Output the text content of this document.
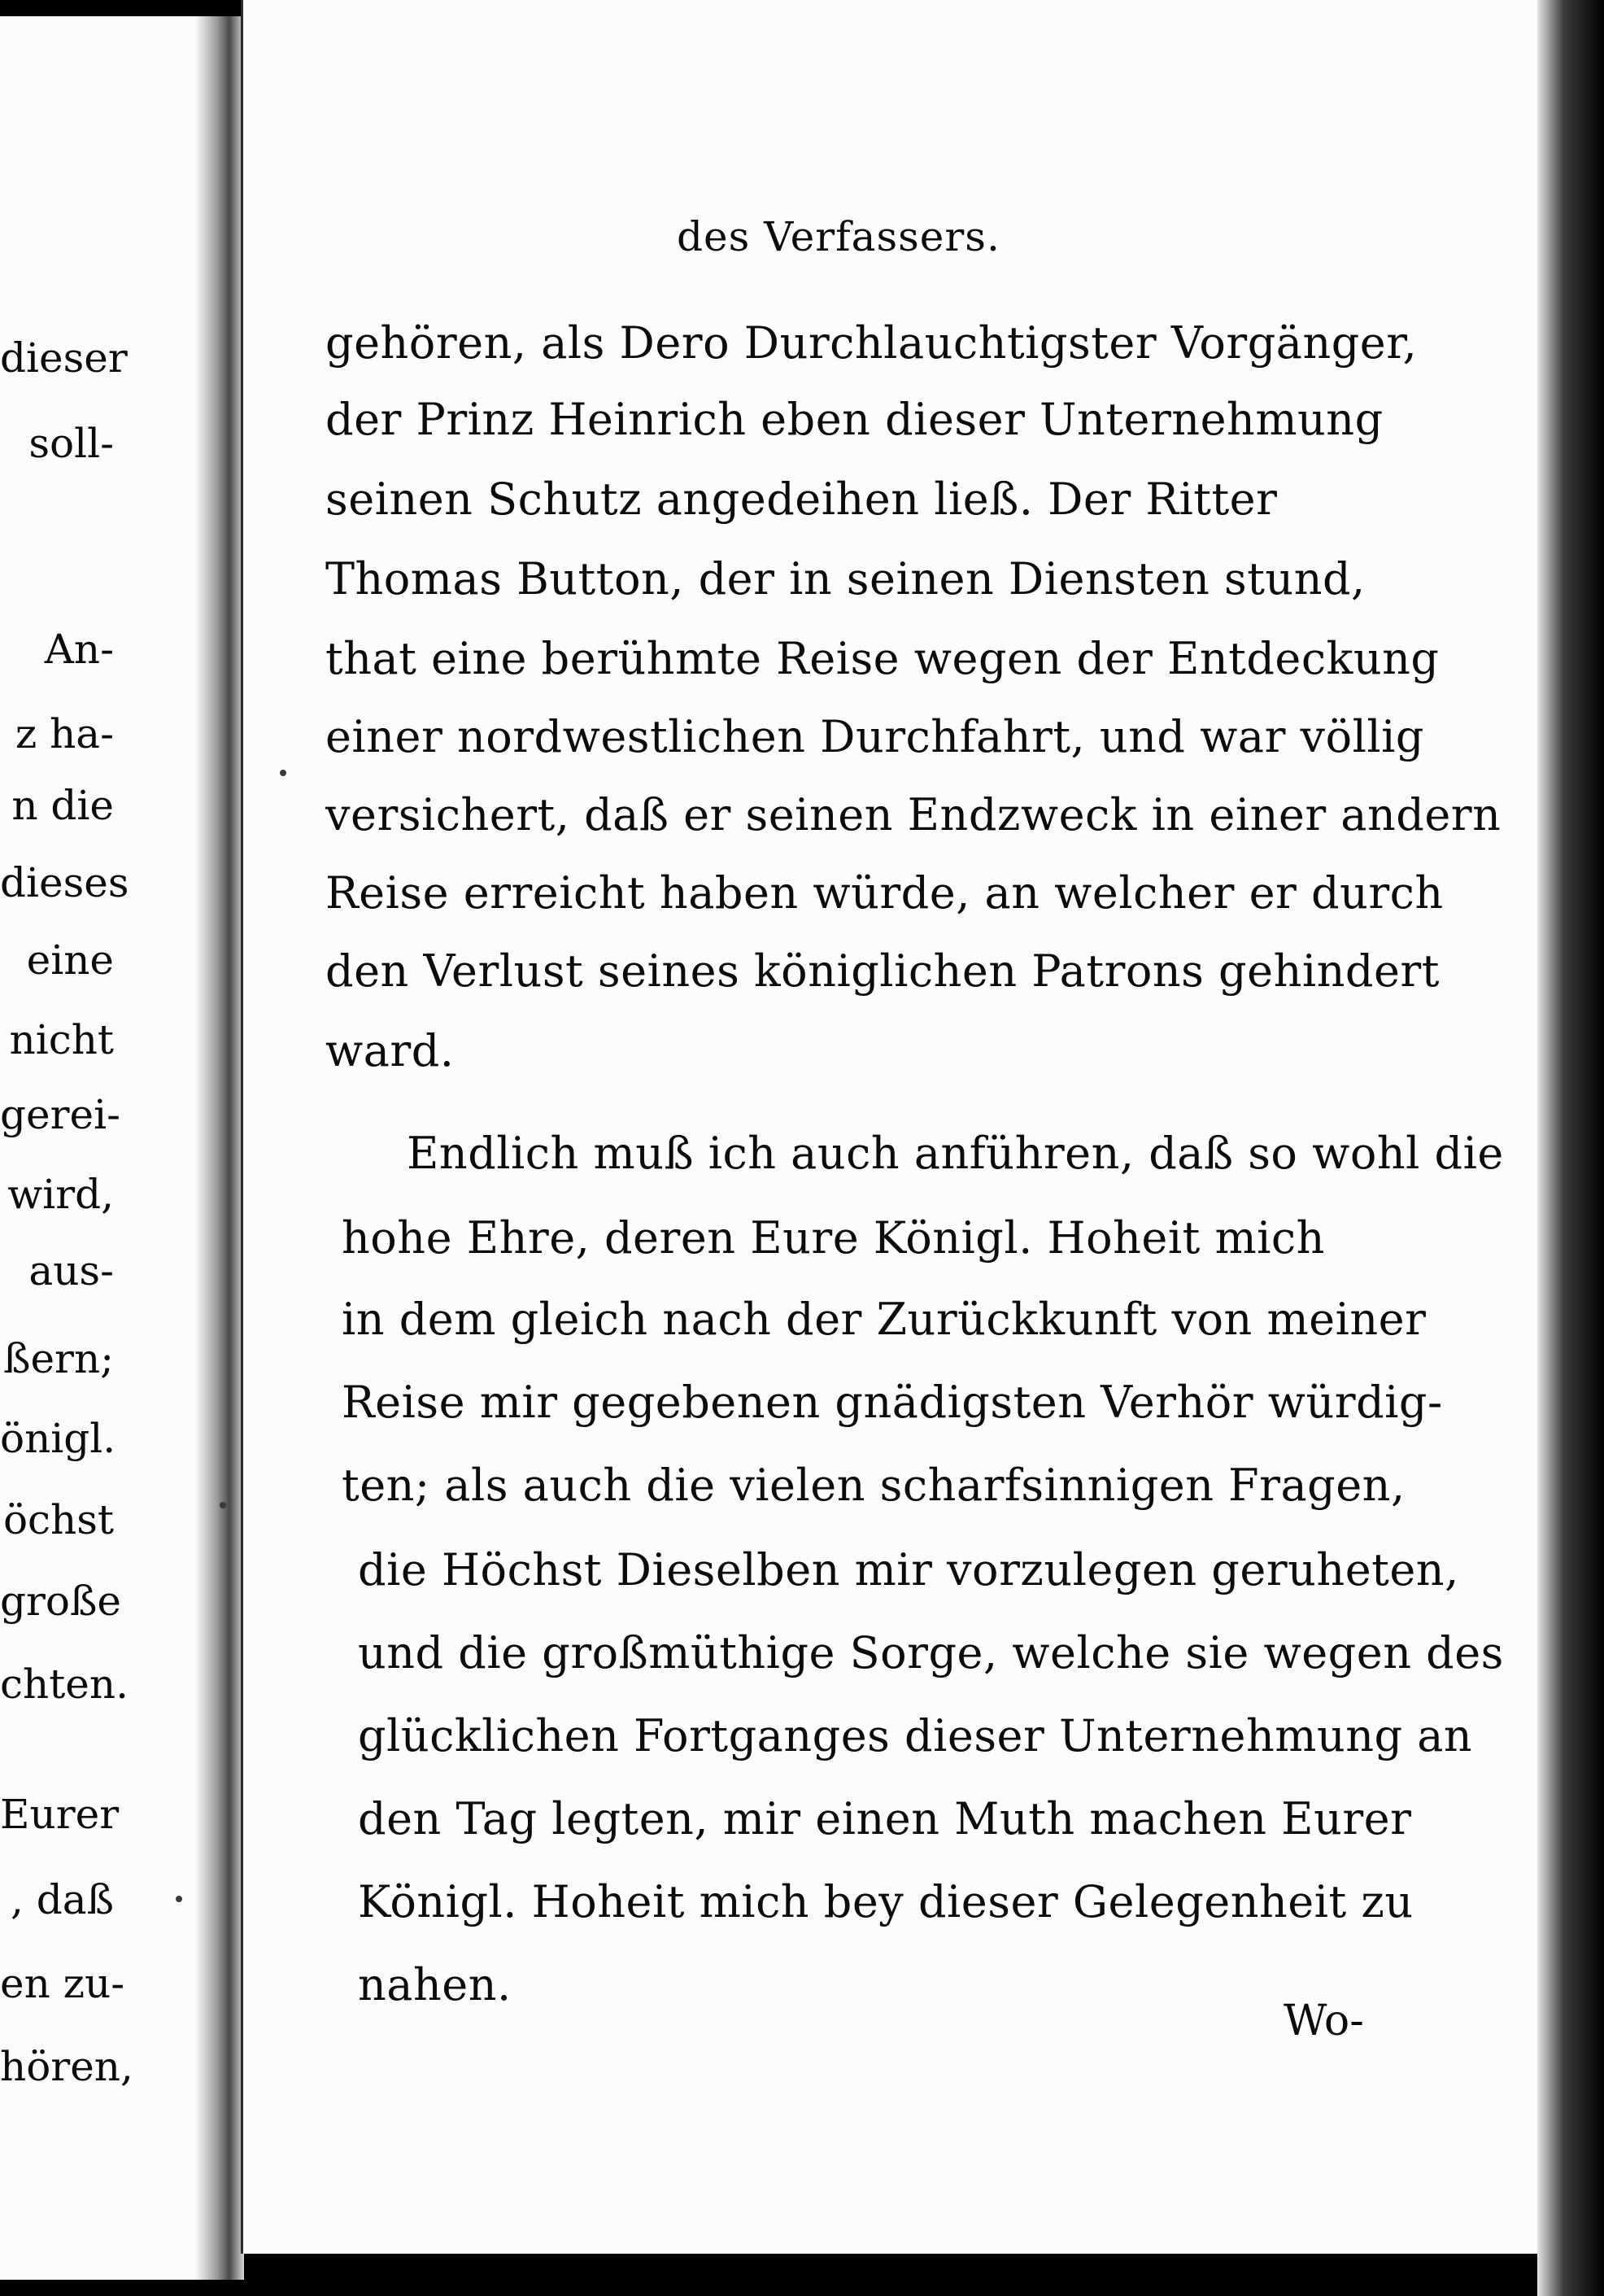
dieser
soll-
An-
z ha-
n die
dieses
eine
nicht
gerei-
wird,
aus-
ßern;
önigl.
öchst
große
chten.
Eurer
, daß
en zu-
hören,
des Verfassers.
gehören, als Dero Durchlauchtigster Vorgänger,
der Prinz Heinrich eben dieser Unternehmung
seinen Schutz angedeihen ließ. Der Ritter
Thomas Button, der in seinen Diensten stund,
that eine berühmte Reise wegen der Entdeckung
einer nordwestlichen Durchfahrt, und war völlig
versichert, daß er seinen Endzweck in einer andern
Reise erreicht haben würde, an welcher er durch
den Verlust seines königlichen Patrons gehindert
ward.
Endlich muß ich auch anführen, daß so wohl die
hohe Ehre, deren Eure Königl. Hoheit mich
in dem gleich nach der Zurückkunft von meiner
Reise mir gegebenen gnädigsten Verhör würdig-
ten; als auch die vielen scharfsinnigen Fragen,
die Höchst Dieselben mir vorzulegen geruheten,
und die großmüthige Sorge, welche sie wegen des
glücklichen Fortganges dieser Unternehmung an
den Tag legten, mir einen Muth machen Eurer
Königl. Hoheit mich bey dieser Gelegenheit zu
nahen.
Wo-
